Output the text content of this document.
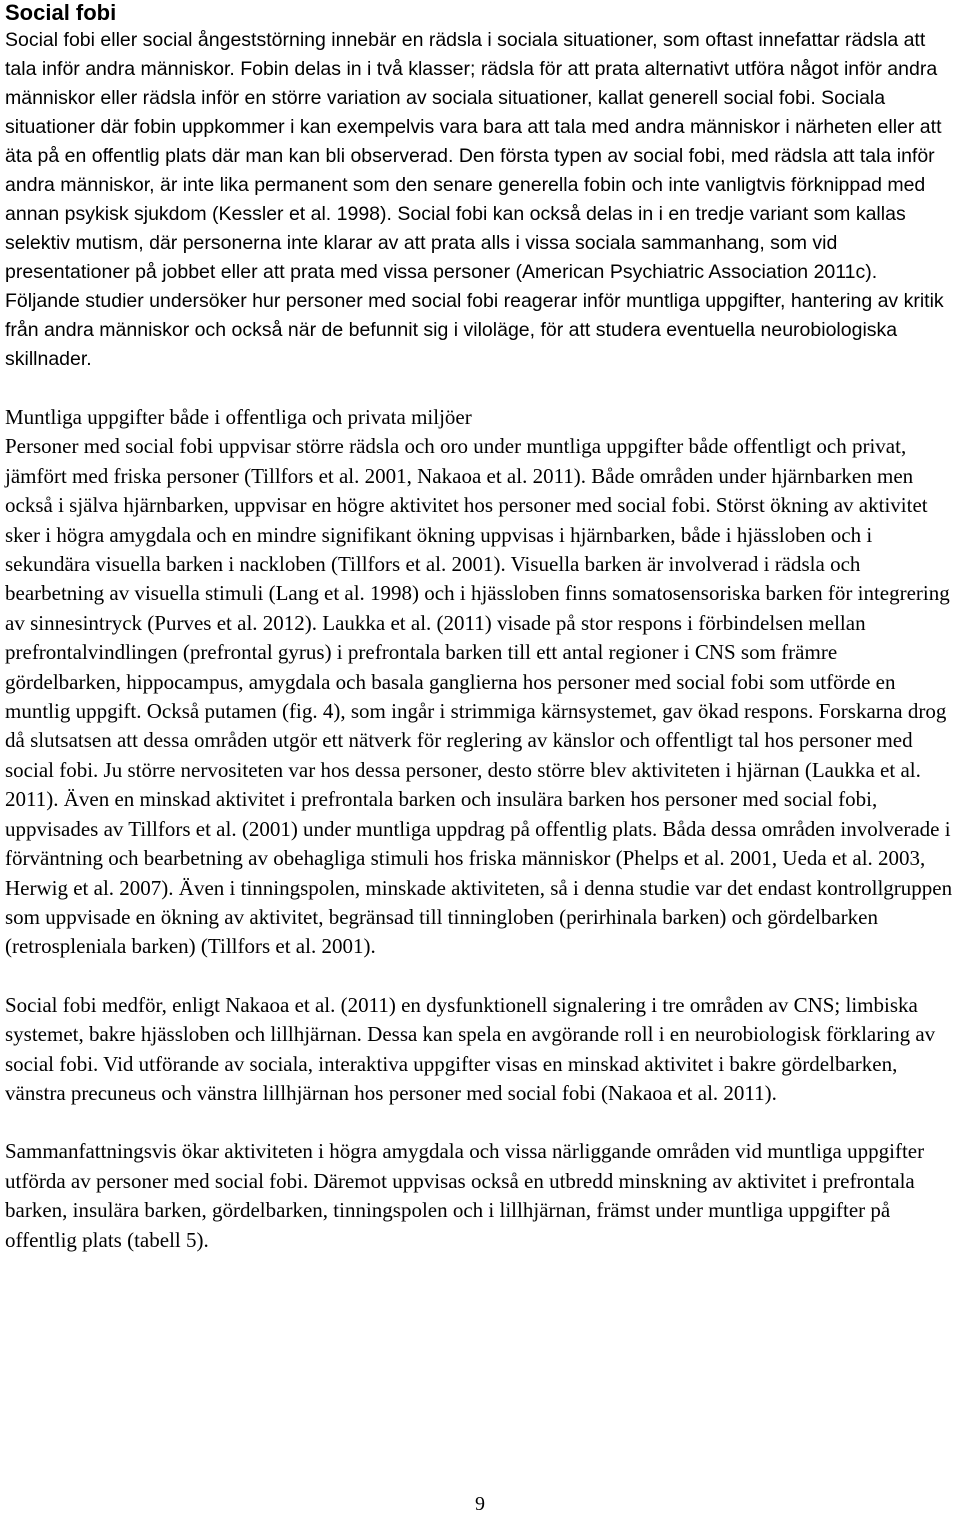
Social fobi

Social fobi eller social ångeststörning innebär en rädsla i sociala situationer, som oftast innefattar rädsla att tala inför andra människor. Fobin delas in i två klasser; rädsla för att prata alternativt utföra något inför andra människor eller rädsla inför en större variation av sociala situationer, kallat generell social fobi. Sociala situationer där fobin uppkommer i kan exempelvis vara bara att tala med andra människor i närheten eller att äta på en offentlig plats där man kan bli observerad. Den första typen av social fobi, med rädsla att tala inför andra människor, är inte lika permanent som den senare generella fobin och inte vanligtvis förknippad med annan psykisk sjukdom (Kessler et al. 1998). Social fobi kan också delas in i en tredje variant som kallas selektiv mutism, där personerna inte klarar av att prata alls i vissa sociala sammanhang, som vid presentationer på jobbet eller att prata med vissa personer (American Psychiatric Association 2011c). Följande studier undersöker hur personer med social fobi reagerar inför muntliga uppgifter, hantering av kritik från andra människor och också när de befunnit sig i viloläge, för att studera eventuella neurobiologiska skillnader.

Muntliga uppgifter både i offentliga och privata miljöer

Personer med social fobi uppvisar större rädsla och oro under muntliga uppgifter både offentligt och privat, jämfört med friska personer (Tillfors et al. 2001, Nakaoa et al. 2011). Både områden under hjärnbarken men också i själva hjärnbarken, uppvisar en högre aktivitet hos personer med social fobi. Störst ökning av aktivitet sker i högra amygdala och en mindre signifikant ökning uppvisas i hjärnbarken, både i hjässloben och i sekundära visuella barken i nackloben (Tillfors et al. 2001). Visuella barken är involverad i rädsla och bearbetning av visuella stimuli (Lang et al. 1998) och i hjässloben finns somatosensoriska barken för integrering av sinnesintryck (Purves et al. 2012). Laukka et al. (2011) visade på stor respons i förbindelsen mellan prefrontalvindlingen (prefrontal gyrus) i prefrontala barken till ett antal regioner i CNS som främre gördelbarken, hippocampus, amygdala och basala ganglierna hos personer med social fobi som utförde en muntlig uppgift. Också putamen (fig. 4), som ingår i strimmiga kärnsystemet, gav ökad respons. Forskarna drog då slutsatsen att dessa områden utgör ett nätverk för reglering av känslor och offentligt tal hos personer med social fobi. Ju större nervositeten var hos dessa personer, desto större blev aktiviteten i hjärnan (Laukka et al. 2011). Även en minskad aktivitet i prefrontala barken och insulära barken hos personer med social fobi, uppvisades av Tillfors et al. (2001) under muntliga uppdrag på offentlig plats. Båda dessa områden involverade i förväntning och bearbetning av obehagliga stimuli hos friska människor (Phelps et al. 2001, Ueda et al. 2003, Herwig et al. 2007). Även i tinningspolen, minskade aktiviteten, så i denna studie var det endast kontrollgruppen som uppvisade en ökning av aktivitet, begränsad till tinningloben (perirhinala barken) och gördelbarken (retrospleniala barken) (Tillfors et al. 2001).

Social fobi medför, enligt Nakaoa et al. (2011) en dysfunktionell signalering i tre områden av CNS; limbiska systemet, bakre hjässloben och lillhjärnan. Dessa kan spela en avgörande roll i en neurobiologisk förklaring av social fobi. Vid utförande av sociala, interaktiva uppgifter visas en minskad aktivitet i bakre gördelbarken, vänstra precuneus och vänstra lillhjärnan hos personer med social fobi (Nakaoa et al. 2011).

Sammanfattningsvis ökar aktiviteten i högra amygdala och vissa närliggande områden vid muntliga uppgifter utförda av personer med social fobi. Däremot uppvisas också en utbredd minskning av aktivitet i prefrontala barken, insulära barken, gördelbarken, tinningspolen och i lillhjärnan, främst under muntliga uppgifter på offentlig plats (tabell 5).

9
